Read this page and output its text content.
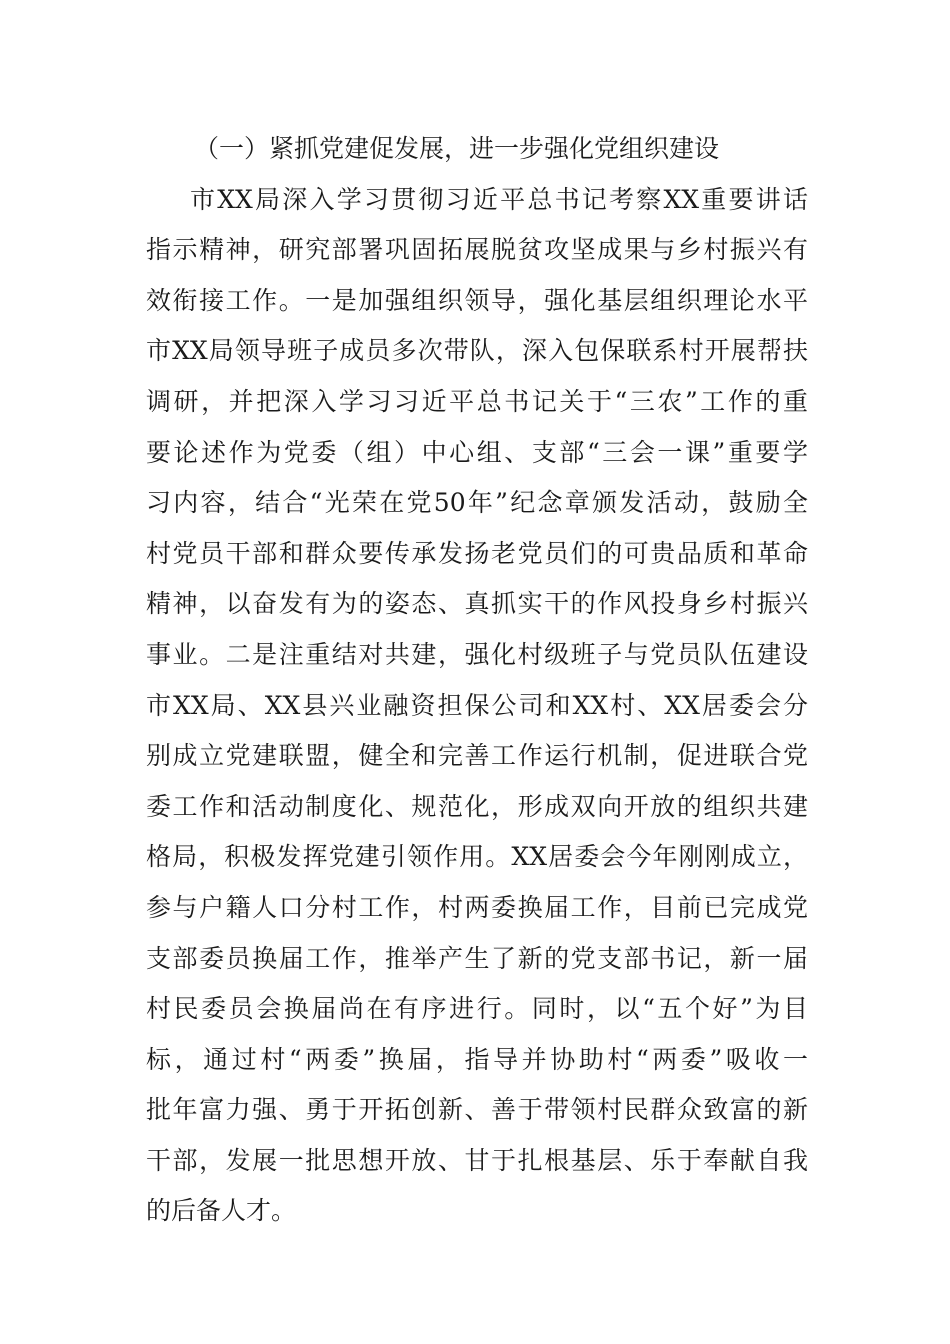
（一）紧抓党建促发展，进一步强化党组织建设
市XX局深入学习贯彻习近平总书记考察XX重要讲话
指示精神，研究部署巩固拓展脱贫攻坚成果与乡村振兴有
效衔接工作。一是加强组织领导，强化基层组织理论水平
市XX局领导班子成员多次带队，深入包保联系村开展帮扶
调研，并把深入学习习近平总书记关于“三农”工作的重
要论述作为党委（组）中心组、支部“三会一课”重要学
习内容，结合“光荣在党50年”纪念章颁发活动，鼓励全
村党员干部和群众要传承发扬老党员们的可贵品质和革命
精神，以奋发有为的姿态、真抓实干的作风投身乡村振兴
事业。二是注重结对共建，强化村级班子与党员队伍建设
市XX局、XX县兴业融资担保公司和XX村、XX居委会分
别成立党建联盟，健全和完善工作运行机制，促进联合党
委工作和活动制度化、规范化，形成双向开放的组织共建
格局，积极发挥党建引领作用。XX居委会今年刚刚成立，
参与户籍人口分村工作，村两委换届工作，目前已完成党
支部委员换届工作，推举产生了新的党支部书记，新一届
村民委员会换届尚在有序进行。同时，以“五个好”为目
标，通过村“两委”换届，指导并协助村“两委”吸收一
批年富力强、勇于开拓创新、善于带领村民群众致富的新
干部，发展一批思想开放、甘于扎根基层、乐于奉献自我
的后备人才。
